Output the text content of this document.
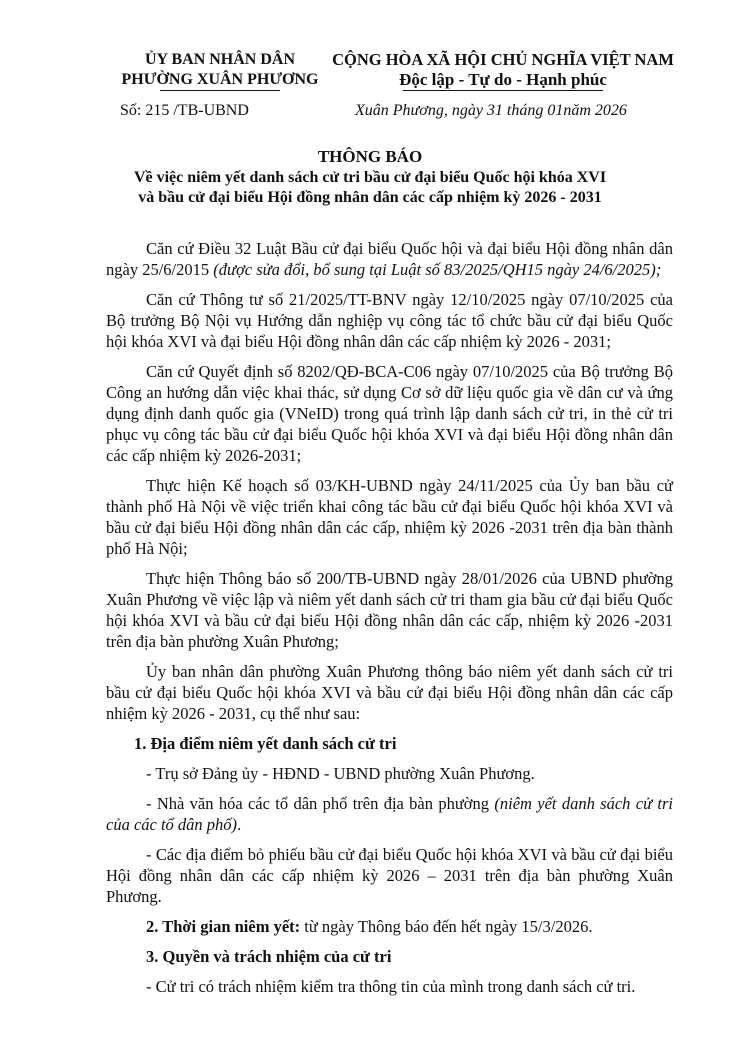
ỦY BAN NHÂN DÂN
PHƯỜNG XUÂN PHƯƠNG
CỘNG HÒA XÃ HỘI CHỦ NGHĨA VIỆT NAM
Độc lập - Tự do - Hạnh phúc
Số: 215 /TB-UBND	Xuân Phương, ngày 31 tháng 01năm 2026
THÔNG BÁO
Về việc niêm yết danh sách cử tri bầu cử đại biểu Quốc hội khóa XVI
và bầu cử đại biểu Hội đồng nhân dân các cấp nhiệm kỳ 2026 - 2031

Căn cứ Điều 32 Luật Bầu cử đại biểu Quốc hội và đại biểu Hội đồng nhân dân ngày 25/6/2015 (được sửa đổi, bổ sung tại Luật số 83/2025/QH15 ngày 24/6/2025);

Căn cứ Thông tư số 21/2025/TT-BNV ngày 12/10/2025 ngày 07/10/2025 của Bộ trưởng Bộ Nội vụ Hướng dẫn nghiệp vụ công tác tổ chức bầu cử đại biểu Quốc hội khóa XVI và đại biểu Hội đồng nhân dân các cấp nhiệm kỳ 2026 - 2031;

Căn cứ Quyết định số 8202/QĐ-BCA-C06 ngày 07/10/2025 của Bộ trưởng Bộ Công an hướng dẫn việc khai thác, sử dụng Cơ sở dữ liệu quốc gia về dân cư và ứng dụng định danh quốc gia (VNeID) trong quá trình lập danh sách cử tri, in thẻ cử tri phục vụ công tác bầu cử đại biểu Quốc hội khóa XVI và đại biểu Hội đồng nhân dân các cấp nhiệm kỳ 2026-2031;

Thực hiện Kế hoạch số 03/KH-UBND ngày 24/11/2025 của Ủy ban bầu cử thành phố Hà Nội về việc triển khai công tác bầu cử đại biểu Quốc hội khóa XVI và bầu cử đại biểu Hội đồng nhân dân các cấp, nhiệm kỳ 2026 -2031 trên địa bàn thành phố Hà Nội;

Thực hiện Thông báo số 200/TB-UBND ngày 28/01/2026 của UBND phường Xuân Phương về việc lập và niêm yết danh sách cử tri tham gia bầu cử đại biểu Quốc hội khóa XVI và bầu cử đại biểu Hội đồng nhân dân các cấp, nhiệm kỳ 2026 -2031 trên địa bàn phường Xuân Phương;

Ủy ban nhân dân phường Xuân Phương thông báo niêm yết danh sách cử tri bầu cử đại biểu Quốc hội khóa XVI và bầu cử đại biểu Hội đồng nhân dân các cấp nhiệm kỳ 2026 - 2031, cụ thể như sau:

1. Địa điểm niêm yết danh sách cử tri

- Trụ sở Đảng ủy - HĐND - UBND phường Xuân Phương.

- Nhà văn hóa các tổ dân phố trên địa bàn phường (niêm yết danh sách cử tri của các tổ dân phố).

- Các địa điểm bỏ phiếu bầu cử đại biểu Quốc hội khóa XVI và bầu cử đại biểu Hội đồng nhân dân các cấp nhiệm kỳ 2026 – 2031 trên địa bàn phường Xuân Phương.

2. Thời gian niêm yết: từ ngày Thông báo đến hết ngày 15/3/2026.

3. Quyền và trách nhiệm của cử tri

- Cử tri có trách nhiệm kiểm tra thông tin của mình trong danh sách cử tri.
